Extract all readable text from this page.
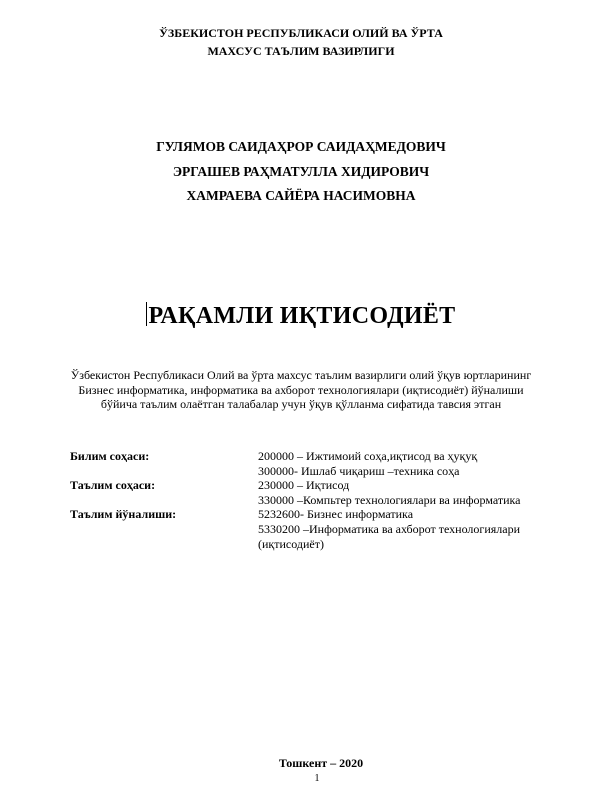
ЎЗБЕКИСТОН РЕСПУБЛИКАСИ ОЛИЙ ВА ЎРТА
МАХСУС ТАЪЛИМ ВАЗИРЛИГИ
ГУЛЯМОВ САИДАҲРОР САИДАҲМЕДОВИЧ
ЭРГАШЕВ РАҲМАТУЛЛА ХИДИРОВИЧ
ХАМРАЕВА САЙЁРА НАСИМОВНА
РАҚАМЛИ ИҚТИСОДИЁТ
Ўзбекистон Республикаси Олий ва ўрта махсус таълим вазирлиги олий ўқув юртларининг
Бизнес информатика, информатика ва ахборот технологиялари (иқтисодиёт) йўналиши
бўйича таълим олаётган талабалар учун ўқув қўлланма сифатида тавсия этган
Билим соҳаси:	200000 – Ижтимоий соҳа,иқтисод ва ҳуқуқ
300000- Ишлаб чиқариш –техника соҳа
Таълим соҳаси:	230000 – Иқтисод
330000 –Компьтер технологиялари ва информатика
Таълим йўналиши:	5232600- Бизнес информатика
5330200 –Информатика ва ахборот технологиялари
(иқтисодиёт)
Тошкент – 2020
1
